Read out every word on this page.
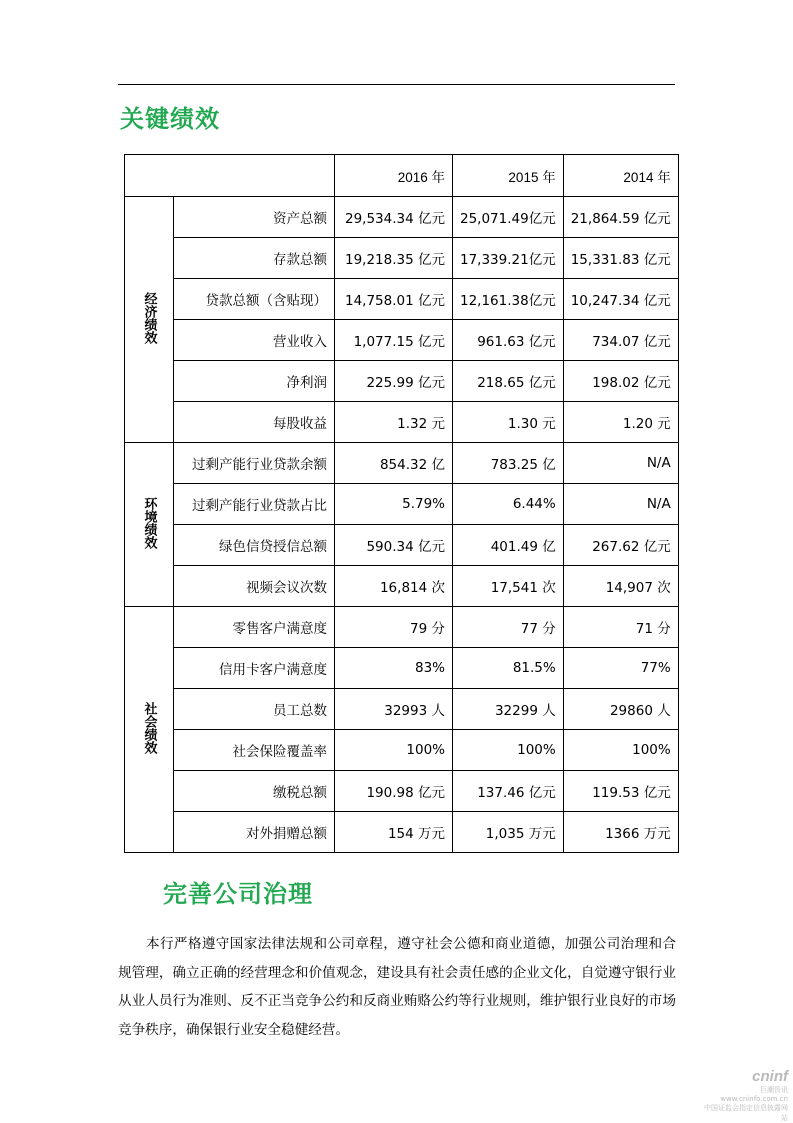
关键绩效
		2016 年	2015 年	2014 年
经济绩效	资产总额	29,534.34 亿元	25,071.49亿元	21,864.59 亿元
	存款总额	19,218.35 亿元	17,339.21亿元	15,331.83 亿元
	贷款总额（含贴现）	14,758.01 亿元	12,161.38亿元	10,247.34 亿元
	营业收入	1,077.15 亿元	961.63 亿元	734.07 亿元
	净利润	225.99 亿元	218.65 亿元	198.02 亿元
	每股收益	1.32 元	1.30 元	1.20 元
环境绩效	过剩产能行业贷款余额	854.32 亿	783.25 亿	N/A
	过剩产能行业贷款占比	5.79%	6.44%	N/A
	绿色信贷授信总额	590.34 亿元	401.49 亿	267.62 亿元
	视频会议次数	16,814 次	17,541 次	14,907 次
社会绩效	零售客户满意度	79 分	77 分	71 分
	信用卡客户满意度	83%	81.5%	77%
	员工总数	32993 人	32299 人	29860 人
	社会保险覆盖率	100%	100%	100%
	缴税总额	190.98 亿元	137.46 亿元	119.53 亿元
	对外捐赠总额	154 万元	1,035 万元	1366 万元
完善公司治理

本行严格遵守国家法律法规和公司章程，遵守社会公德和商业道德，加强公司治理和合规管理，确立正确的经营理念和价值观念，建设具有社会责任感的企业文化，自觉遵守银行业从业人员行为准则、反不正当竞争公约和反商业贿赂公约等行业规则，维护银行业良好的市场竞争秩序，确保银行业安全稳健经营。

cninf
巨潮资讯
www.cninfo.com.cn
中国证监会指定信息披露网站
